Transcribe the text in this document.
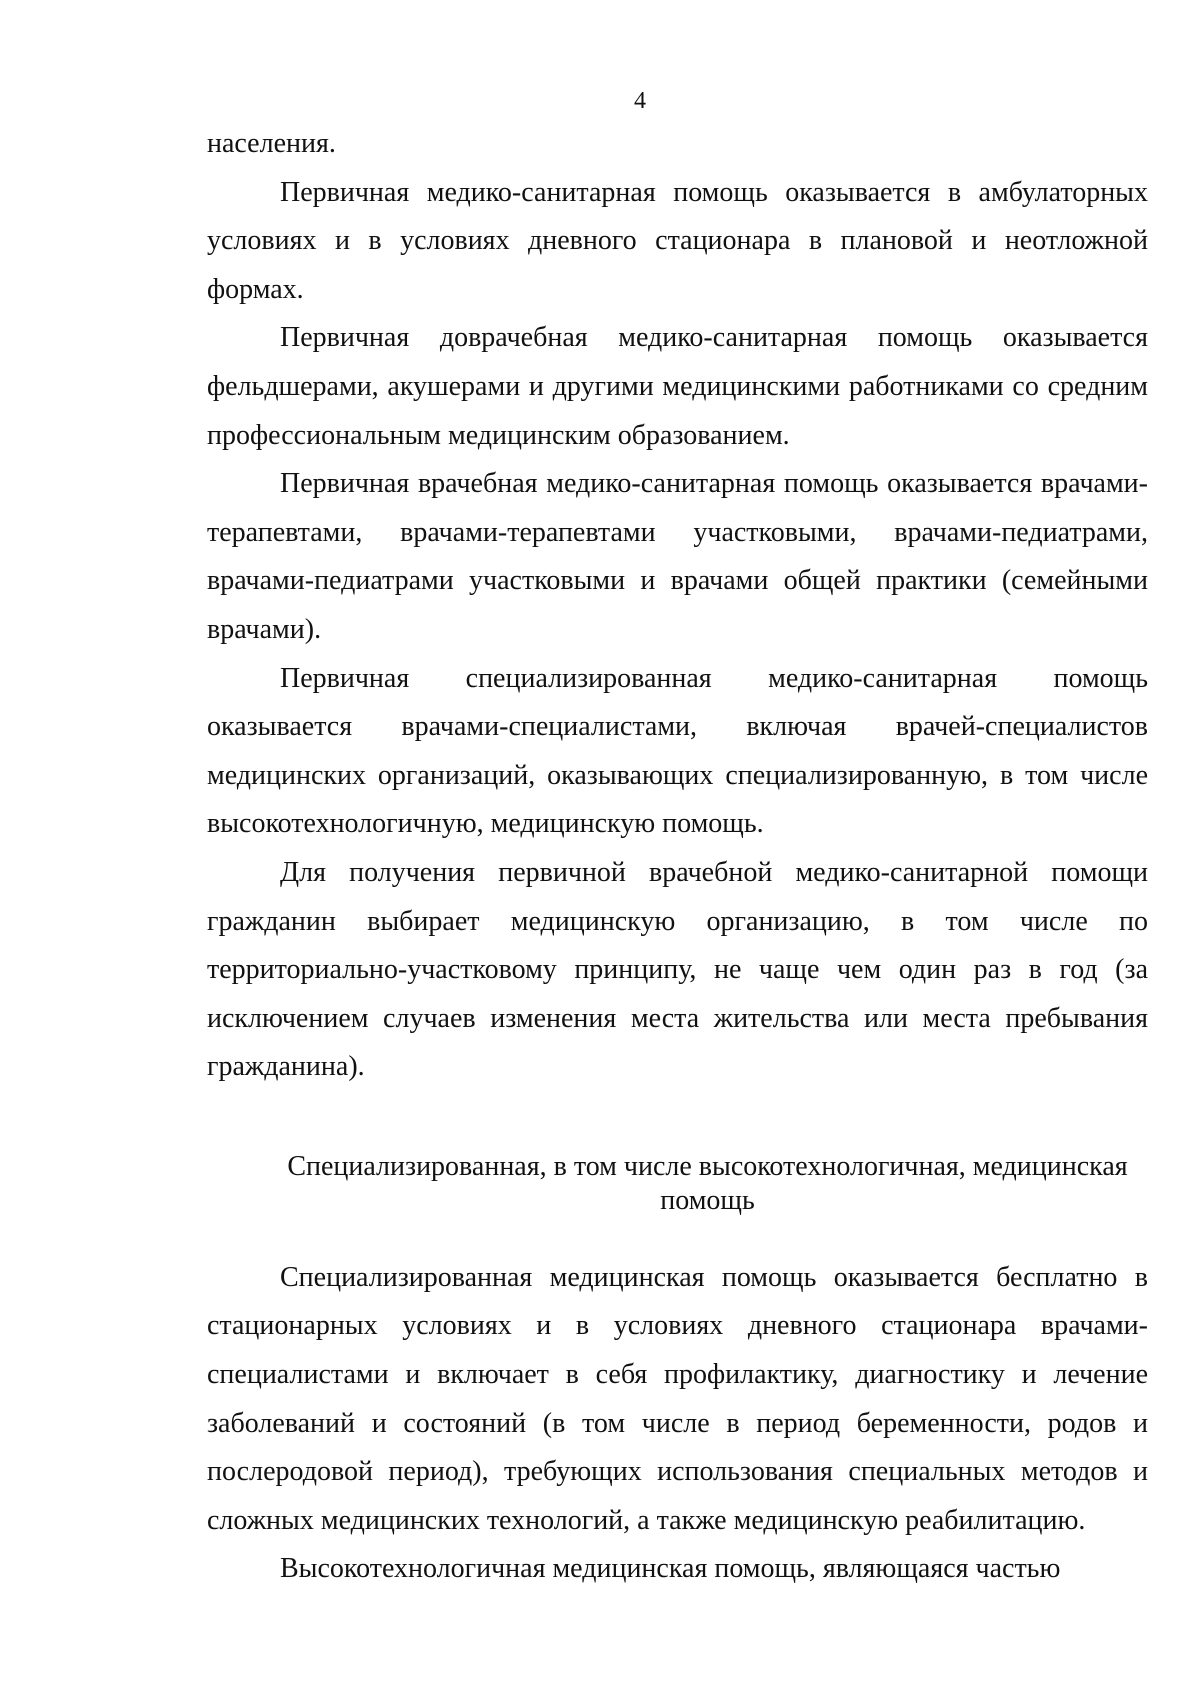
4

населения.

Первичная медико-санитарная помощь оказывается в амбулаторных условиях и в условиях дневного стационара в плановой и неотложной формах.

Первичная доврачебная медико-санитарная помощь оказывается фельдшерами, акушерами и другими медицинскими работниками со средним профессиональным медицинским образованием.

Первичная врачебная медико-санитарная помощь оказывается врачами-терапевтами, врачами-терапевтами участковыми, врачами-педиатрами, врачами-педиатрами участковыми и врачами общей практики (семейными врачами).

Первичная специализированная медико-санитарная помощь оказывается врачами-специалистами, включая врачей-специалистов медицинских организаций, оказывающих специализированную, в том числе высокотехнологичную, медицинскую помощь.

Для получения первичной врачебной медико-санитарной помощи гражданин выбирает медицинскую организацию, в том числе по территориально-участковому принципу, не чаще чем один раз в год (за исключением случаев изменения места жительства или места пребывания гражданина).

Специализированная, в том числе высокотехнологичная, медицинская
помощь

Специализированная медицинская помощь оказывается бесплатно в стационарных условиях и в условиях дневного стационара врачами-специалистами и включает в себя профилактику, диагностику и лечение заболеваний и состояний (в том числе в период беременности, родов и послеродовой период), требующих использования специальных методов и сложных медицинских технологий, а также медицинскую реабилитацию.

Высокотехнологичная медицинская помощь, являющаяся частью
